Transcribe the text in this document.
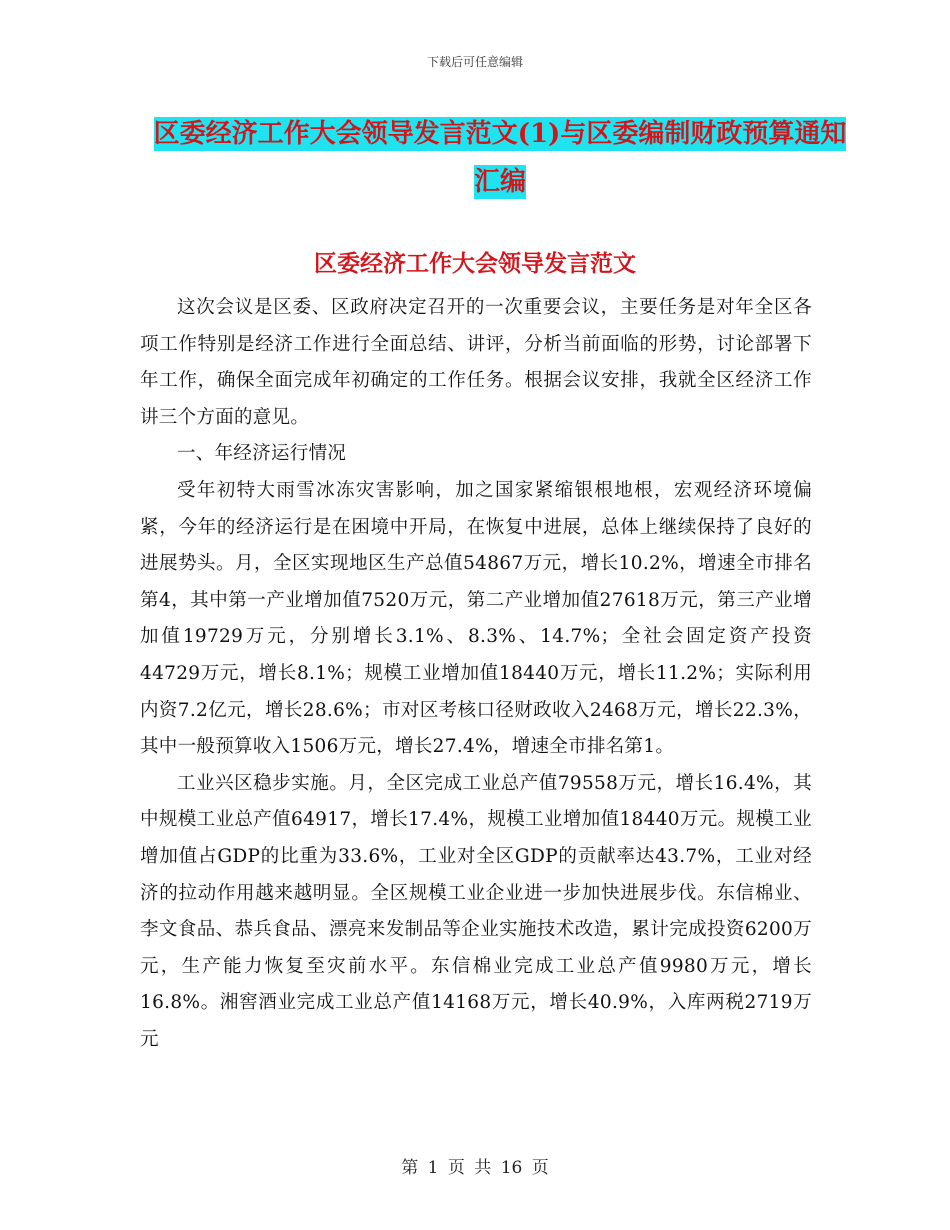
下载后可任意编辑
区委经济工作大会领导发言范文(1)与区委编制财政预算通知汇编
区委经济工作大会领导发言范文

这次会议是区委、区政府决定召开的一次重要会议，主要任务是对年全区各项工作特别是经济工作进行全面总结、讲评，分析当前面临的形势，讨论部署下年工作，确保全面完成年初确定的工作任务。根据会议安排，我就全区经济工作讲三个方面的意见。

一、年经济运行情况

受年初特大雨雪冰冻灾害影响，加之国家紧缩银根地根，宏观经济环境偏紧，今年的经济运行是在困境中开局，在恢复中进展，总体上继续保持了良好的进展势头。月，全区实现地区生产总值54867万元，增长10.2%，增速全市排名第4，其中第一产业增加值7520万元，第二产业增加值27618万元，第三产业增加值19729万元，分别增长3.1%、8.3%、14.7%；全社会固定资产投资44729万元，增长8.1%；规模工业增加值18440万元，增长11.2%；实际利用内资7.2亿元，增长28.6%；市对区考核口径财政收入2468万元，增长22.3%，其中一般预算收入1506万元，增长27.4%，增速全市排名第1。

工业兴区稳步实施。月，全区完成工业总产值79558万元，增长16.4%，其中规模工业总产值64917，增长17.4%，规模工业增加值18440万元。规模工业增加值占GDP的比重为33.6%，工业对全区GDP的贡献率达43.7%，工业对经济的拉动作用越来越明显。全区规模工业企业进一步加快进展步伐。东信棉业、李文食品、恭兵食品、漂亮来发制品等企业实施技术改造，累计完成投资6200万元，生产能力恢复至灾前水平。东信棉业完成工业总产值9980万元，增长16.8%。湘窖酒业完成工业总产值14168万元，增长40.9%，入库两税2719万元

第 1 页 共 16 页
